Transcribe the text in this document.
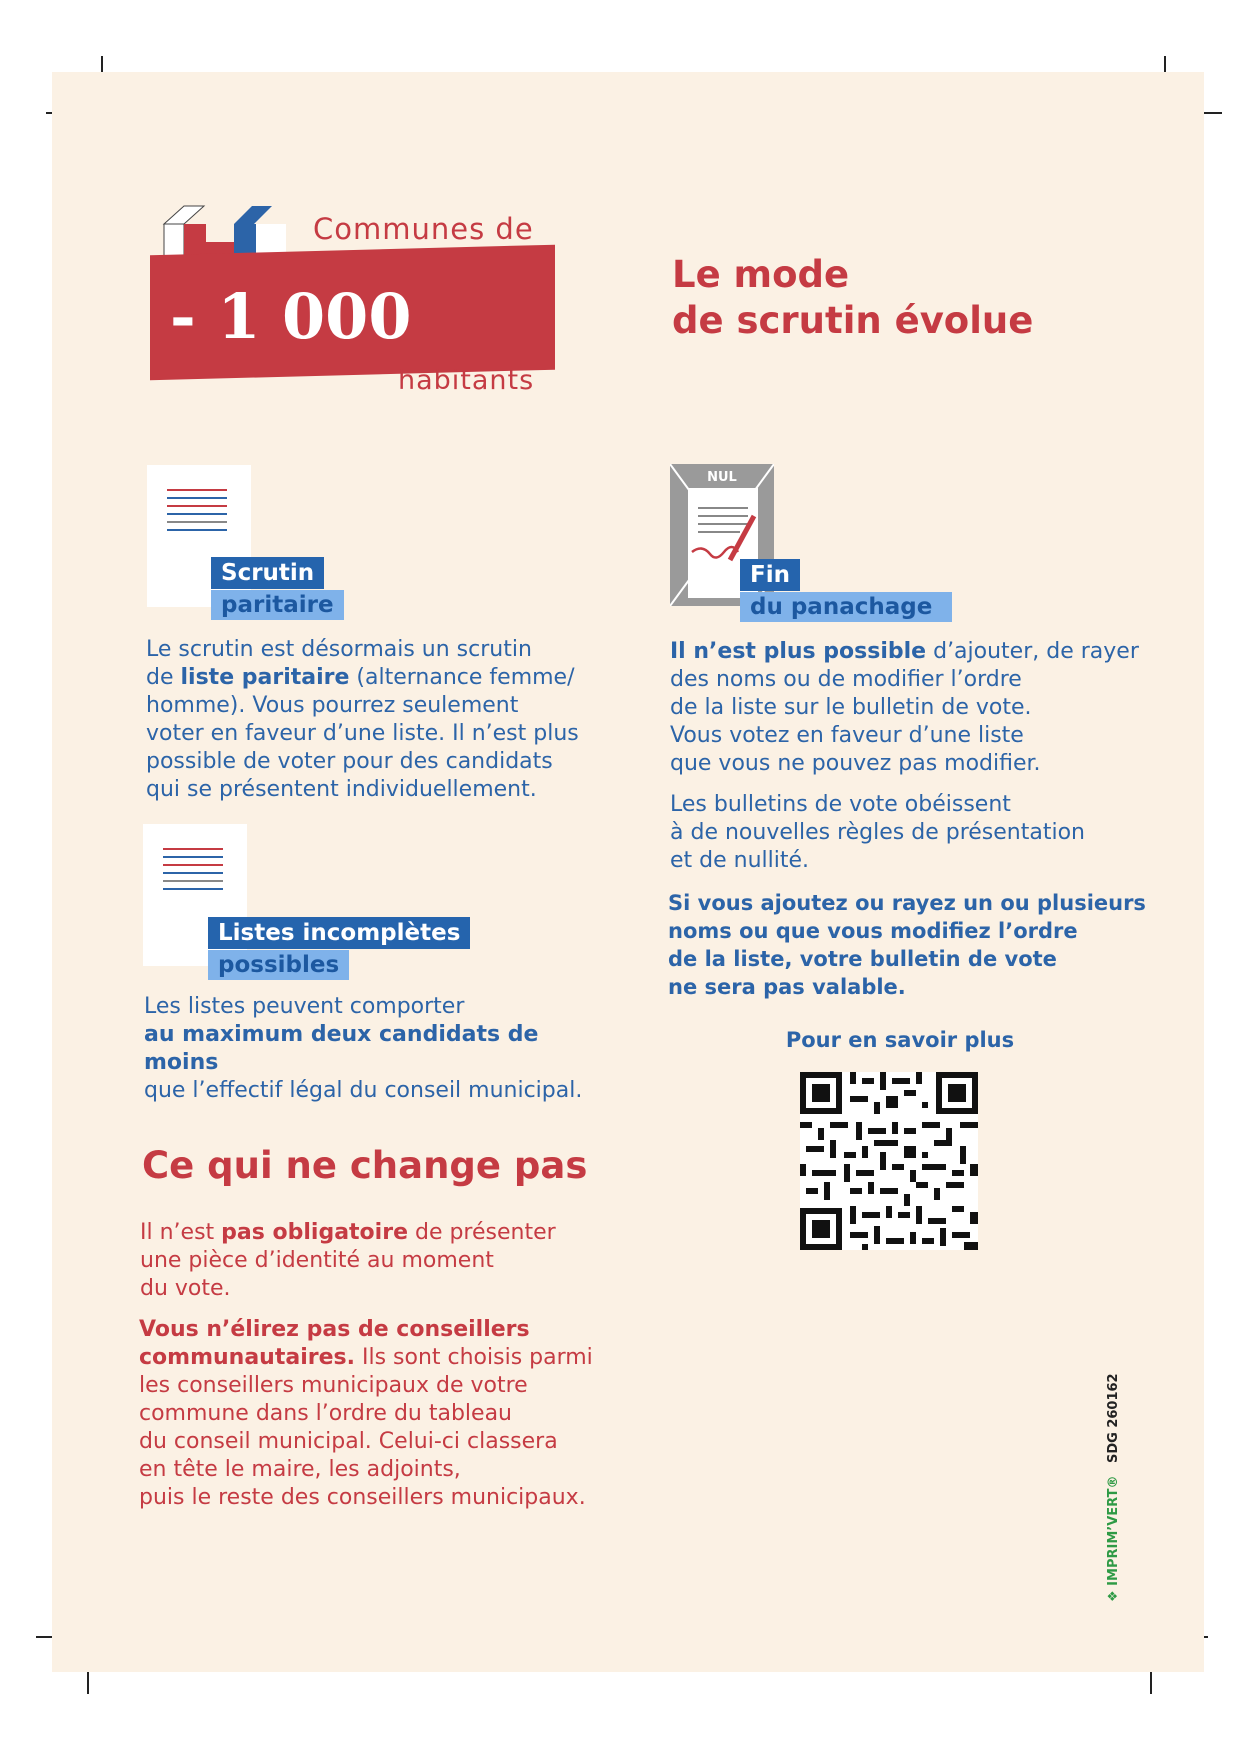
Communes de
- 1 000
habitants
Le mode
de scrutin évolue
Scrutin
paritaire
Le scrutin est désormais un scrutin
de liste paritaire (alternance femme/
homme). Vous pourrez seulement
voter en faveur d’une liste. Il n’est plus
possible de voter pour des candidats
qui se présentent individuellement.
Listes incomplètes
possibles
Les listes peuvent comporter
au maximum deux candidats de moins
que l’effectif légal du conseil municipal.
NUL
Fin
du panachage
Il n’est plus possible d’ajouter, de rayer
des noms ou de modifier l’ordre
de la liste sur le bulletin de vote.
Vous votez en faveur d’une liste
que vous ne pouvez pas modifier.
Les bulletins de vote obéissent
à de nouvelles règles de présentation
et de nullité.
Si vous ajoutez ou rayez un ou plusieurs
noms ou que vous modifiez l’ordre
de la liste, votre bulletin de vote
ne sera pas valable.
Pour en savoir plus
Ce qui ne change pas
Il n’est pas obligatoire de présenter
une pièce d’identité au moment
du vote.
Vous n’élirez pas de conseillers
communautaires. Ils sont choisis parmi
les conseillers municipaux de votre
commune dans l’ordre du tableau
du conseil municipal. Celui-ci classera
en tête le maire, les adjoints,
puis le reste des conseillers municipaux.
❖ IMPRIM’VERT® SDG 260162
